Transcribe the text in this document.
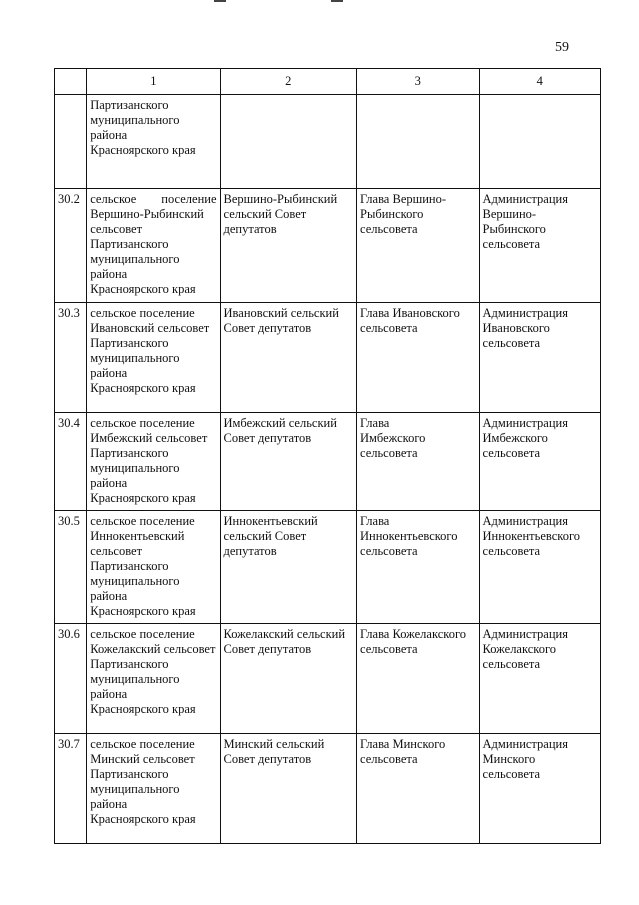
59
	1	2	3	4

	Партизанского
муниципального
района
Красноярского края			

30.2	сельское поселение Вершино-Рыбинский сельсовет
Партизанского
муниципального
района
Красноярского края	Вершино-Рыбинский сельский Совет депутатов	Глава Вершино-Рыбинского сельсовета	Администрация
Вершино-
Рыбинского
сельсовета

30.3	сельское поселение Ивановский сельсовет
Партизанского
муниципального
района
Красноярского края	Ивановский сельский Совет депутатов	Глава Ивановского сельсовета	Администрация
Ивановского
сельсовета

30.4	сельское поселение Имбежский сельсовет
Партизанского
муниципального
района
Красноярского края	Имбежский сельский Совет депутатов	Глава
Имбежского
сельсовета	Администрация
Имбежского
сельсовета

30.5	сельское поселение Иннокентьевский сельсовет
Партизанского
муниципального
района
Красноярского края	Иннокентьевский сельский Совет депутатов	Глава
Иннокентьевского
сельсовета	Администрация
Иннокентьевского
сельсовета

30.6	сельское поселение Кожелакский сельсовет
Партизанского
муниципального
района
Красноярского края	Кожелакский сельский Совет депутатов	Глава Кожелакского сельсовета	Администрация
Кожелакского
сельсовета

30.7	сельское поселение Минский сельсовет
Партизанского
муниципального
района
Красноярского края	Минский сельский Совет депутатов	Глава Минского сельсовета	Администрация
Минского
сельсовета
